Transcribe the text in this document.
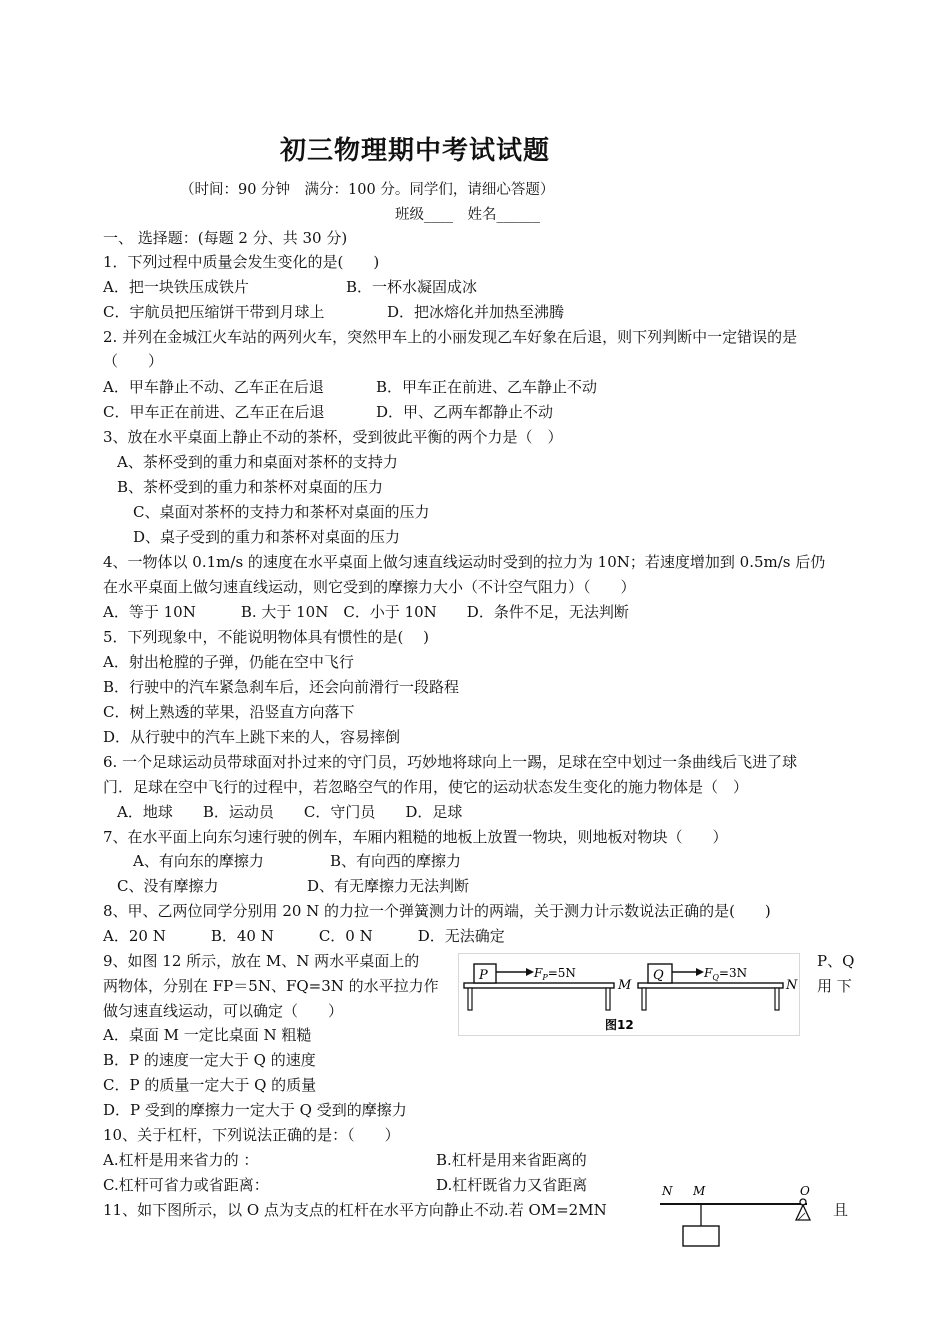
初三物理期中考试试题
（时间：90 分钟　满分：100 分。同学们，请细心答题）
班级____　姓名______
一、 选择题：(每题 2 分、共 30 分)
1．下列过程中质量会发生变化的是(　　)
A．把一块铁压成铁片	B．一杯水凝固成冰
C．宇航员把压缩饼干带到月球上	D．把冰熔化并加热至沸腾
2. 并列在金城江火车站的两列火车，突然甲车上的小丽发现乙车好象在后退，则下列判断中一定错误的是
（　　）
A．甲车静止不动、乙车正在后退	B．甲车正在前进、乙车静止不动
C．甲车正在前进、乙车正在后退	D．甲、乙两车都静止不动
3、放在水平桌面上静止不动的茶杯，受到彼此平衡的两个力是（　）
A、茶杯受到的重力和桌面对茶杯的支持力
B、茶杯受到的重力和茶杯对桌面的压力
C、桌面对茶杯的支持力和茶杯对桌面的压力
D、桌子受到的重力和茶杯对桌面的压力
4、一物体以 0.1m/s 的速度在水平桌面上做匀速直线运动时受到的拉力为 10N；若速度增加到 0.5m/s 后仍
在水平桌面上做匀速直线运动，则它受到的摩擦力大小（不计空气阻力）（　　）
A．等于 10N　　　B. 大于 10N　C．小于 10N　　D．条件不足，无法判断
5．下列现象中，不能说明物体具有惯性的是(　 )
A．射出枪膛的子弹，仍能在空中飞行
B．行驶中的汽车紧急刹车后，还会向前滑行一段路程
C．树上熟透的苹果，沿竖直方向落下
D．从行驶中的汽车上跳下来的人，容易摔倒
6. 一个足球运动员带球面对扑过来的守门员，巧妙地将球向上一踢，足球在空中划过一条曲线后飞进了球
门．足球在空中飞行的过程中，若忽略空气的作用，使它的运动状态发生变化的施力物体是（　）
A．地球　　B．运动员　　C．守门员　　D．足球
7、在水平面上向东匀速行驶的例车，车厢内粗糙的地板上放置一物块，则地板对物块（　　）
A、有向东的摩擦力	B、有向西的摩擦力
C、没有摩擦力	D、有无摩擦力无法判断
8、甲、乙两位同学分别用 20 N 的力拉一个弹簧测力计的两端，关于测力计示数说法正确的是(　　)
A．20 N　　　B．40 N　　　C．0 N　　　D．无法确定
9、如图 12 所示，放在 M、N 两水平桌面上的	P、Q
两物体，分别在 FP＝5N、FQ=3N 的水平拉力作	用 下
做匀速直线运动，可以确定（　　）
A．桌面 M 一定比桌面 N 粗糙
B．P 的速度一定大于 Q 的速度
C．P 的质量一定大于 Q 的质量
D．P 受到的摩擦力一定大于 Q 受到的摩擦力
P	$F_P=5N$
M
Q	$F_Q=3N$
N
图12
10、关于杠杆，下列说法正确的是：（　　）
A.杠杆是用来省力的 ：	B.杠杆是用来省距离的
C.杠杆可省力或省距离：	D.杠杆既省力又省距离
11、如下图所示，以 O 点为支点的杠杆在水平方向静止不动.若 OM=2MN	且
N M	O
